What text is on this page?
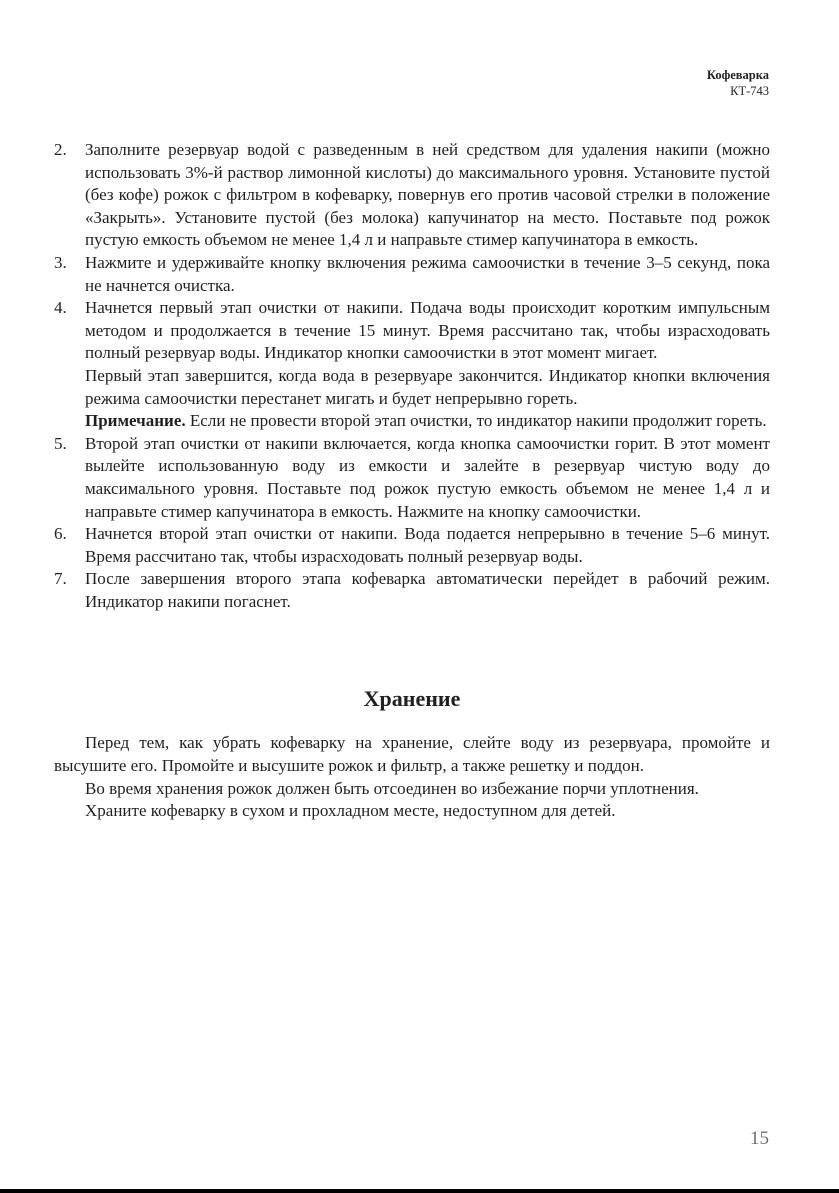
Кофеварка
КТ-743
2. Заполните резервуар водой с разведенным в ней средством для удаления накипи (можно использовать 3%-й раствор лимонной кислоты) до максимального уровня. Установите пустой (без кофе) рожок с фильтром в кофеварку, повернув его против часовой стрелки в положение «Закрыть». Установите пустой (без молока) капучинатор на место. Поставьте под рожок пустую емкость объемом не менее 1,4 л и направьте стимер капучинатора в емкость.

3. Нажмите и удерживайте кнопку включения режима самоочистки в течение 3–5 секунд, пока не начнется очистка.

4. Начнется первый этап очистки от накипи. Подача воды происходит коротким импульсным методом и продолжается в течение 15 минут. Время рассчитано так, чтобы израсходовать полный резервуар воды. Индикатор кнопки самоочистки в этот момент мигает.

Первый этап завершится, когда вода в резервуаре закончится. Индикатор кнопки включения режима самоочистки перестанет мигать и будет непрерывно гореть.

Примечание. Если не провести второй этап очистки, то индикатор накипи продолжит гореть.

5. Второй этап очистки от накипи включается, когда кнопка самоочистки горит. В этот момент вылейте использованную воду из емкости и залейте в резервуар чистую воду до максимального уровня. Поставьте под рожок пустую емкость объемом не менее 1,4 л и направьте стимер капучинатора в емкость. Нажмите на кнопку самоочистки.

6. Начнется второй этап очистки от накипи. Вода подается непрерывно в течение 5–6 минут. Время рассчитано так, чтобы израсходовать полный резервуар воды.

7. После завершения второго этапа кофеварка автоматически перейдет в рабочий режим. Индикатор накипи погаснет.

Хранение

Перед тем, как убрать кофеварку на хранение, слейте воду из резервуара, промойте и высушите его. Промойте и высушите рожок и фильтр, а также решетку и поддон.

Во время хранения рожок должен быть отсоединен во избежание порчи уплотнения.

Храните кофеварку в сухом и прохладном месте, недоступном для детей.

15
